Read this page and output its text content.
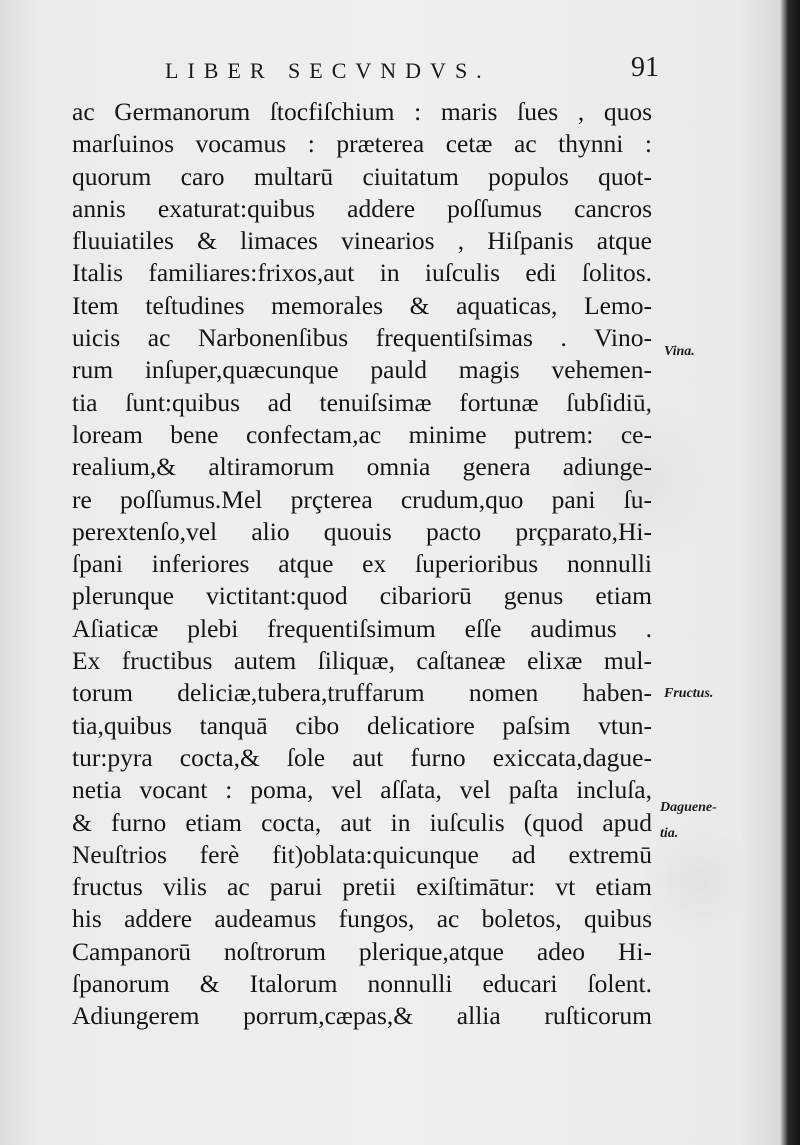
LIBER SECVNDVS.	91
ac Germanorum ſtocfiſchium : maris ſues , quos
marſuinos vocamus : præterea cetæ ac thynni :
quorum caro multarū ciuitatum populos quot-
annis exaturat:quibus addere poſſumus cancros
fluuiatiles & limaces vinearios , Hiſpanis atque
Italis familiares:frixos,aut in iuſculis edi ſolitos.
Item teſtudines memorales & aquaticas, Lemo-
uicis ac Narbonenſibus frequentiſsimas . Vino-
rum inſuper,quæcunque pauld magis vehemen-
tia ſunt:quibus ad tenuiſsimæ fortunæ ſubſidiū,
loream bene confectam,ac minime putrem: ce-
realium,& altiramorum omnia genera adiunge-
re poſſumus.Mel prçterea crudum,quo pani ſu-
perextenſo,vel alio quouis pacto prçparato,Hi-
ſpani inferiores atque ex ſuperioribus nonnulli
plerunque victitant:quod cibariorū genus etiam
Aſiaticæ plebi frequentiſsimum eſſe audimus .
Ex fructibus autem ſiliquæ, caſtaneæ elixæ mul-
torum deliciæ,tubera,truffarum nomen haben-
tia,quibus tanquā cibo delicatiore paſsim vtun-
tur:pyra cocta,& ſole aut furno exiccata,dague-
netia vocant : poma, vel aſſata, vel paſta incluſa,
& furno etiam cocta, aut in iuſculis (quod apud
Neuſtrios ferè fit)oblata:quicunque ad extremū
fructus vilis ac parui pretii exiſtimātur: vt etiam
his addere audeamus fungos, ac boletos, quibus
Campanorū noſtrorum plerique,atque adeo Hi-
ſpanorum & Italorum nonnulli educari ſolent.
Adiungerem porrum,cæpas,& allia ruſticorum
Vina.
Fructus.
Daguene-
tia.
